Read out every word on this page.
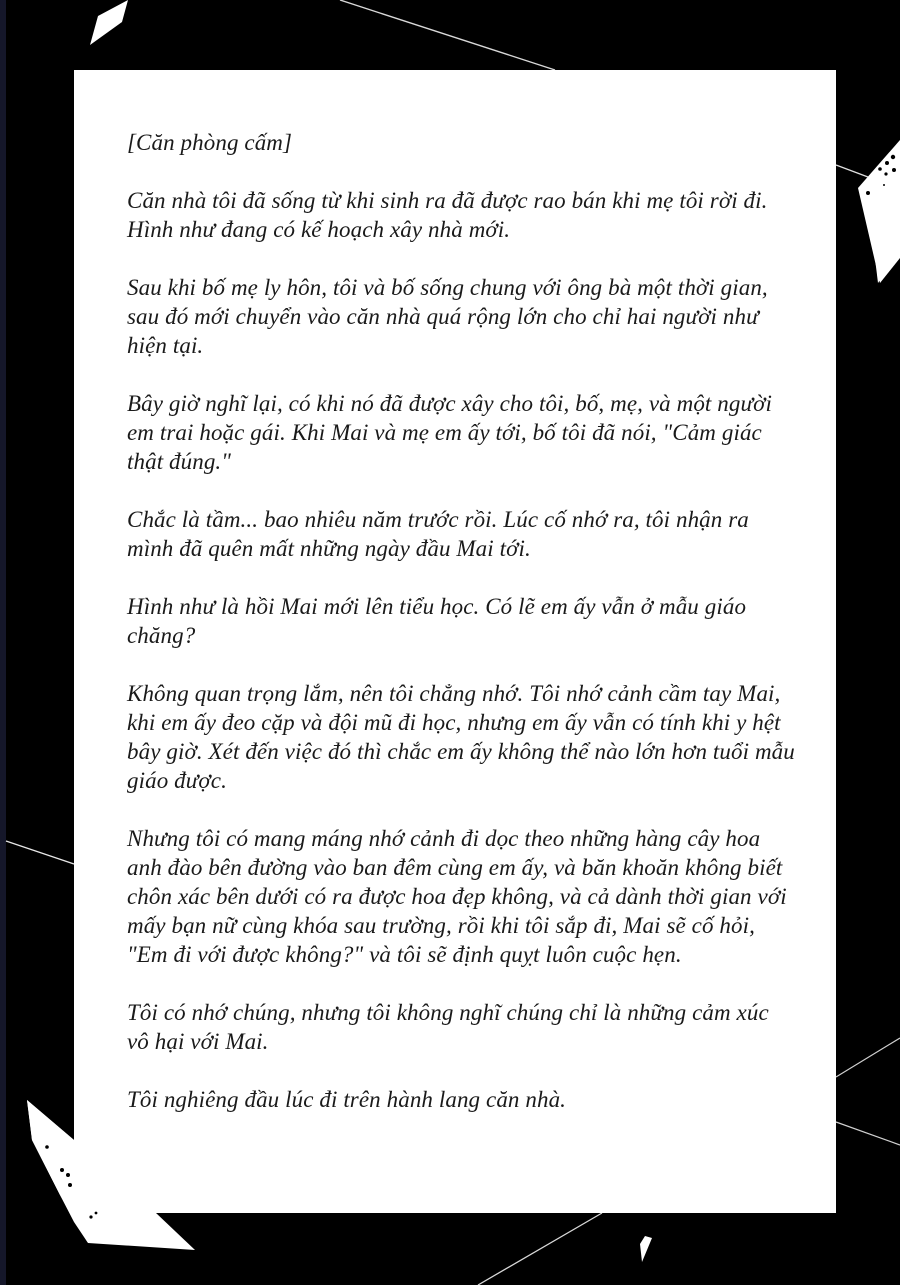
[Căn phòng cấm]

Căn nhà tôi đã sống từ khi sinh ra đã được rao bán khi mẹ tôi rời đi. Hình như đang có kế hoạch xây nhà mới.

Sau khi bố mẹ ly hôn, tôi và bố sống chung với ông bà một thời gian, sau đó mới chuyển vào căn nhà quá rộng lớn cho chỉ hai người như hiện tại.

Bây giờ nghĩ lại, có khi nó đã được xây cho tôi, bố, mẹ, và một người em trai hoặc gái. Khi Mai và mẹ em ấy tới, bố tôi đã nói, "Cảm giác thật đúng."

Chắc là tầm... bao nhiêu năm trước rồi. Lúc cố nhớ ra, tôi nhận ra mình đã quên mất những ngày đầu Mai tới.

Hình như là hồi Mai mới lên tiểu học. Có lẽ em ấy vẫn ở mẫu giáo chăng?

Không quan trọng lắm, nên tôi chẳng nhớ. Tôi nhớ cảnh cầm tay Mai, khi em ấy đeo cặp và đội mũ đi học, nhưng em ấy vẫn có tính khi y hệt bây giờ. Xét đến việc đó thì chắc em ấy không thể nào lớn hơn tuổi mẫu giáo được.

Nhưng tôi có mang máng nhớ cảnh đi dọc theo những hàng cây hoa anh đào bên đường vào ban đêm cùng em ấy, và băn khoăn không biết chôn xác bên dưới có ra được hoa đẹp không, và cả dành thời gian với mấy bạn nữ cùng khóa sau trường, rồi khi tôi sắp đi, Mai sẽ cố hỏi, "Em đi với được không?" và tôi sẽ định quỵt luôn cuộc hẹn.

Tôi có nhớ chúng, nhưng tôi không nghĩ chúng chỉ là những cảm xúc vô hại với Mai.

Tôi nghiêng đầu lúc đi trên hành lang căn nhà.
